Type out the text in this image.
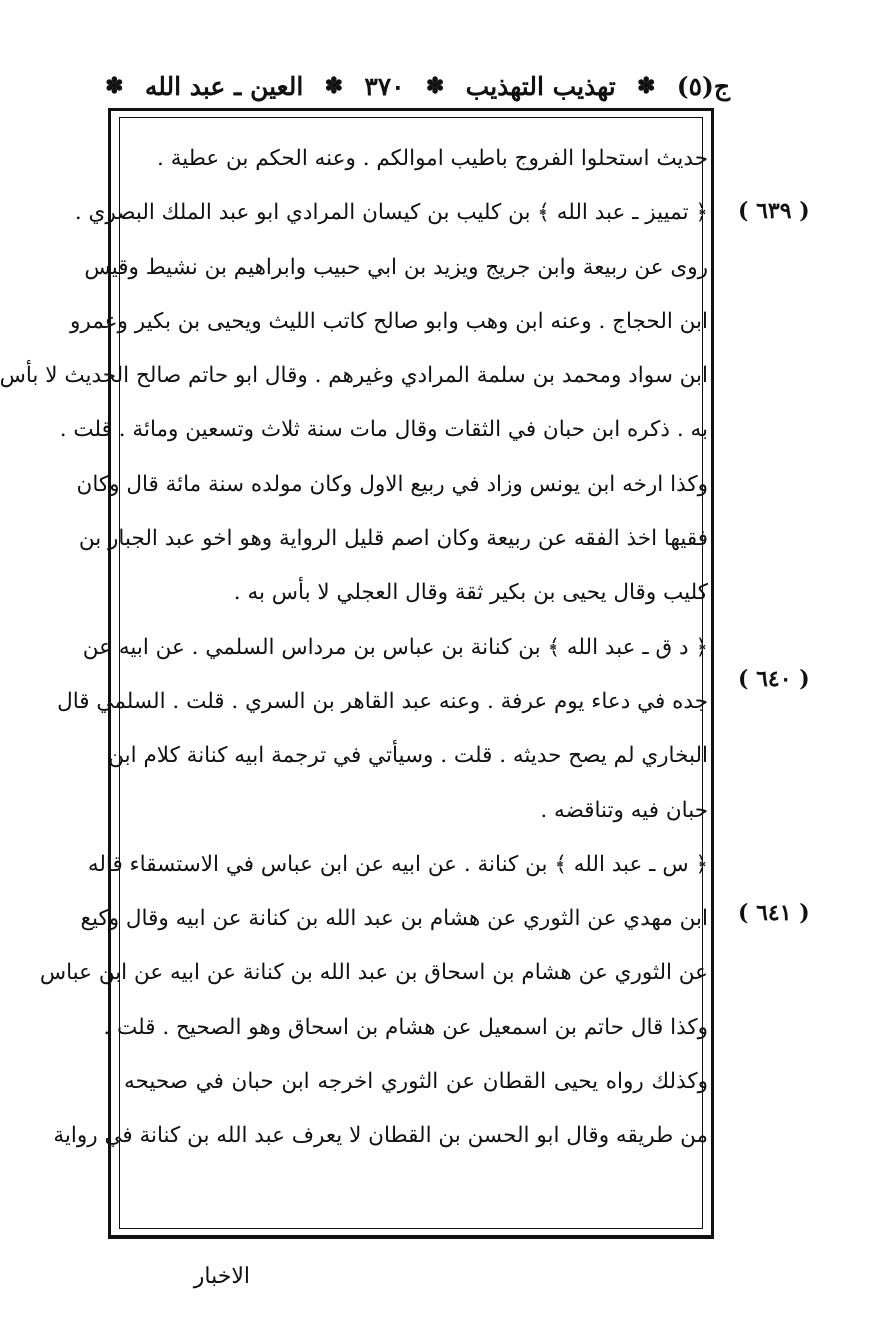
ج(٥)
✽
تهذيب التهذيب
✽
٣٧٠
✽
العين ـ عبد الله
✽
( ٦٣٩ )
( ٦٤٠ )
( ٦٤١ )
حديث استحلوا الفروج باطيب اموالكم . وعنه الحكم بن عطية .
﴿ تمييز ـ عبد الله ﴾ بن كليب بن كيسان المرادي ابو عبد الملك البصري .
روى عن ربيعة وابن جريج ويزيد بن ابي حبيب وابراهيم بن نشيط وقيس
ابن الحجاج . وعنه ابن وهب وابو صالح كاتب الليث ويحيى بن بكير وعمرو
ابن سواد ومحمد بن سلمة المرادي وغيرهم . وقال ابو حاتم صالح الحديث لا بأس
به . ذكره ابن حبان في الثقات وقال مات سنة ثلاث وتسعين ومائة . قلت .
وكذا ارخه ابن يونس وزاد في ربيع الاول وكان مولده سنة مائة قال وكان
فقيها اخذ الفقه عن ربيعة وكان اصم قليل الرواية وهو اخو عبد الجبار بن
كليب وقال يحيى بن بكير ثقة وقال العجلي لا بأس به .
﴿ د ق ـ عبد الله ﴾ بن كنانة بن عباس بن مرداس السلمي . عن ابيه عن
جده في دعاء يوم عرفة . وعنه عبد القاهر بن السري . قلت . السلمي قال
البخاري لم يصح حديثه . قلت . وسيأتي في ترجمة ابيه كنانة كلام ابن
حبان فيه وتناقضه .
﴿ س ـ عبد الله ﴾ بن كنانة . عن ابيه عن ابن عباس في الاستسقاء قاله
ابن مهدي عن الثوري عن هشام بن عبد الله بن كنانة عن ابيه وقال وكيع
عن الثوري عن هشام بن اسحاق بن عبد الله بن كنانة عن ابيه عن ابن عباس
وكذا قال حاتم بن اسمعيل عن هشام بن اسحاق وهو الصحيح . قلت .
وكذلك رواه يحيى القطان عن الثوري اخرجه ابن حبان في صحيحه
من طريقه وقال ابو الحسن بن القطان لا يعرف عبد الله بن كنانة في رواية
الاخبار
